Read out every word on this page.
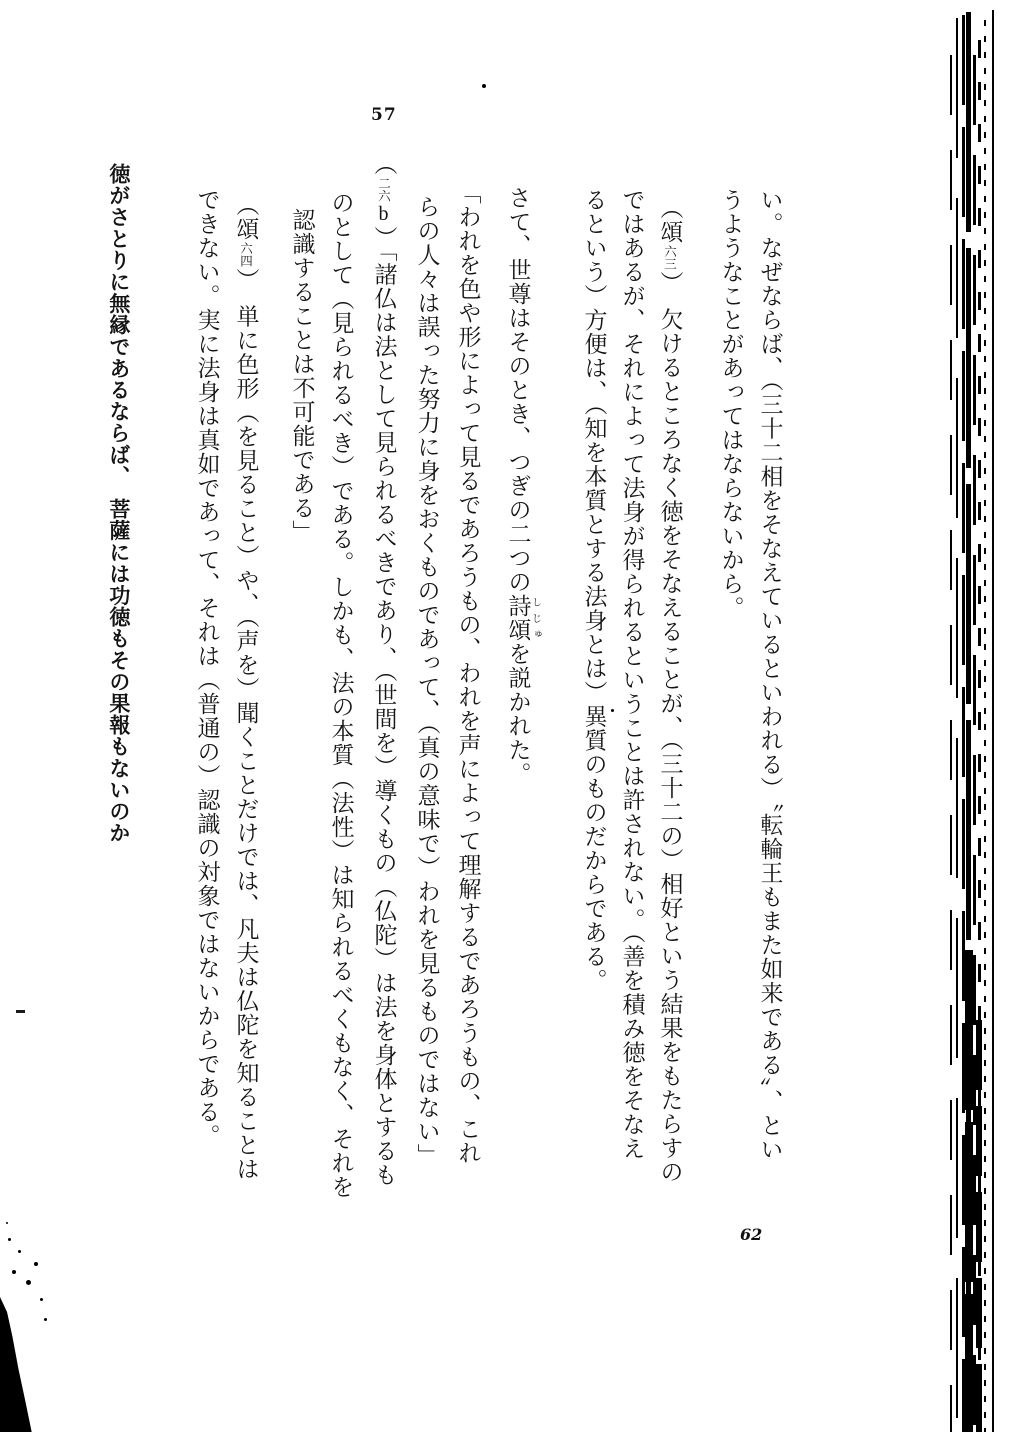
57
62
い。なぜならば、（三十二相をそなえているといわれる）〝転輪王もまた如来である〟、とい
うようなことがあってはならないから。
（頌六三）　欠けるところなく徳をそなえることが、（三十二の）相好という結果をもたらすの
ではあるが、それによって法身が得られるということは許されない。（善を積み徳をそなえ
るという）方便は、（知を本質とする法身とは）異質のものだからである。
さて、世尊はそのとき、つぎの二つの詩頌 しじゅを説かれた。
「われを色や形によって見るであろうもの、われを声によって理解するであろうもの、これ
らの人々は誤った努力に身をおくものであって、（真の意味で）われを見るものではない」
（二六b）「諸仏は法として見られるべきであり、（世間を）導くもの（仏陀）は法を身体とするも
のとして（見られるべき）である。しかも、法の本質（法性）は知られるべくもなく、それを
認識することは不可能である」
（頌六四）　単に色形（を見ること）や、（声を）聞くことだけでは、凡夫は仏陀を知ることは
できない。実に法身は真如であって、それは（普通の）認識の対象ではないからである。
徳がさとりに無縁であるならば、　菩薩には功徳もその果報もないのか
